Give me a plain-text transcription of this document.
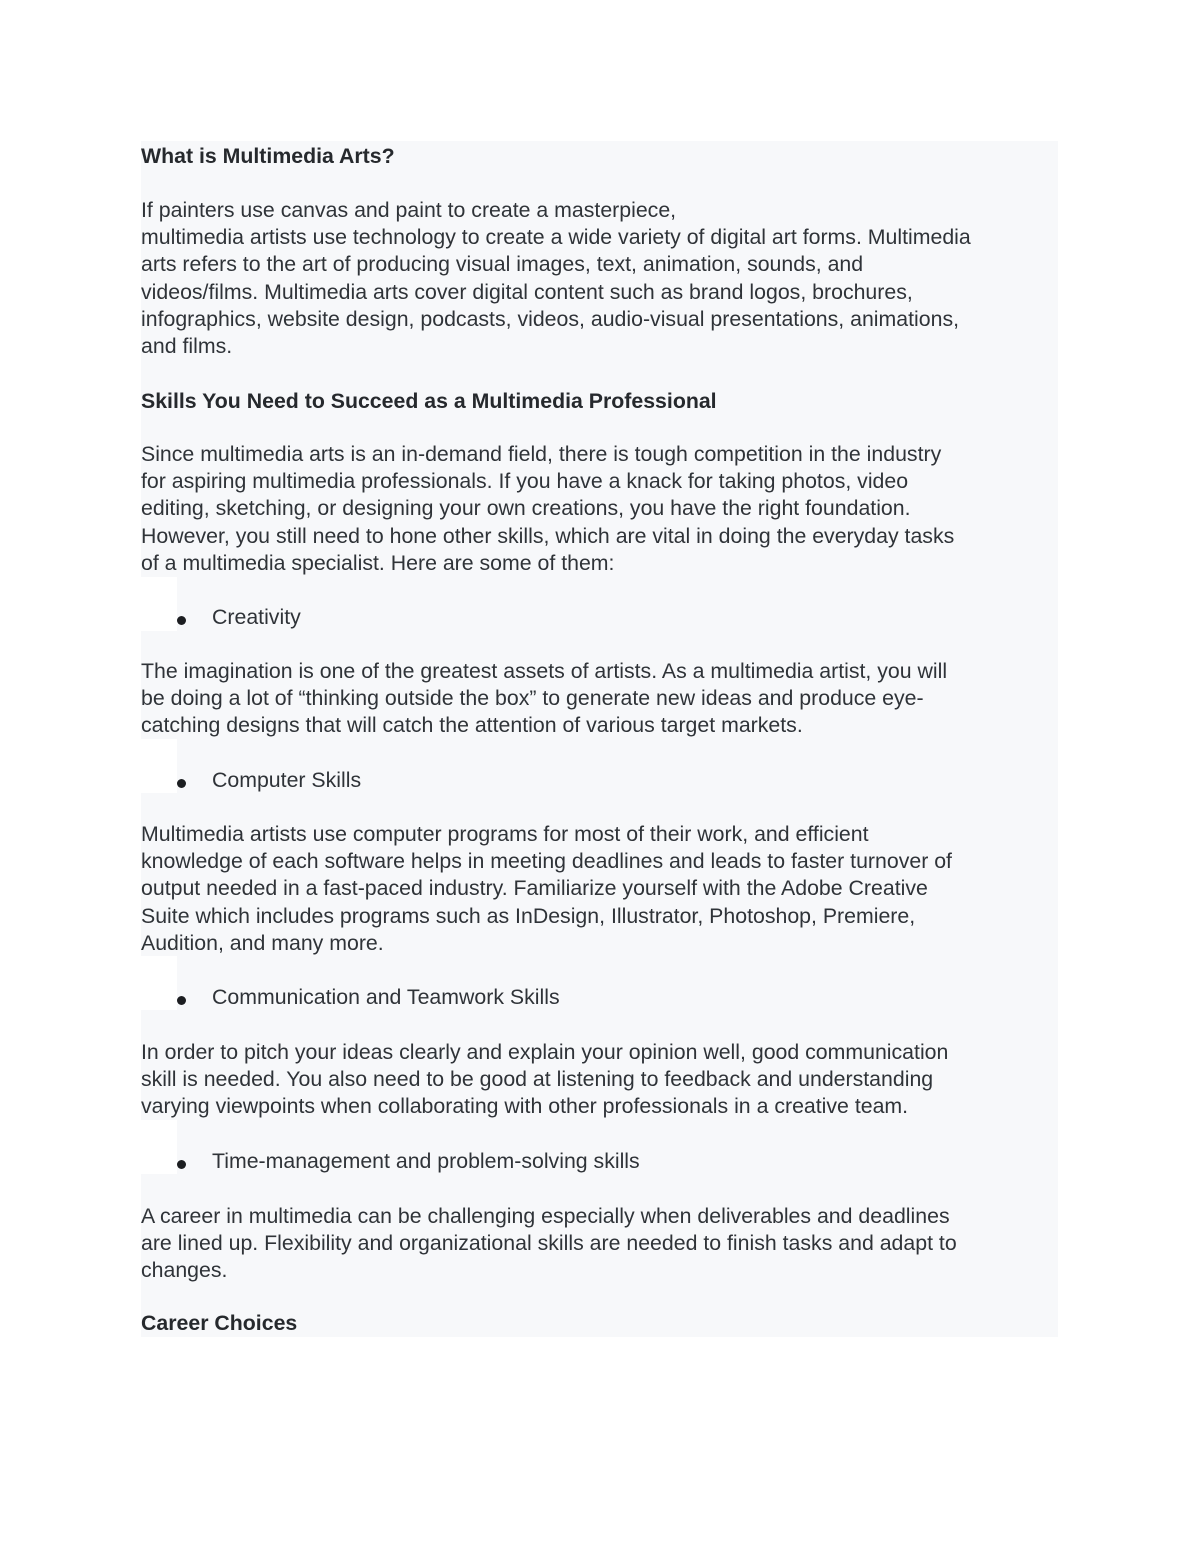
What is Multimedia Arts?

If painters use canvas and paint to create a masterpiece,
multimedia artists use technology to create a wide variety of digital art forms. Multimedia
arts refers to the art of producing visual images, text, animation, sounds, and
videos/films. Multimedia arts cover digital content such as brand logos, brochures,
infographics, website design, podcasts, videos, audio-visual presentations, animations,
and films.

Skills You Need to Succeed as a Multimedia Professional

Since multimedia arts is an in-demand field, there is tough competition in the industry
for aspiring multimedia professionals. If you have a knack for taking photos, video
editing, sketching, or designing your own creations, you have the right foundation.
However, you still need to hone other skills, which are vital in doing the everyday tasks
of a multimedia specialist. Here are some of them:
Creativity
The imagination is one of the greatest assets of artists. As a multimedia artist, you will
be doing a lot of “thinking outside the box” to generate new ideas and produce eye-
catching designs that will catch the attention of various target markets.
Computer Skills
Multimedia artists use computer programs for most of their work, and efficient
knowledge of each software helps in meeting deadlines and leads to faster turnover of
output needed in a fast-paced industry. Familiarize yourself with the Adobe Creative
Suite which includes programs such as InDesign, Illustrator, Photoshop, Premiere,
Audition, and many more.
Communication and Teamwork Skills
In order to pitch your ideas clearly and explain your opinion well, good communication
skill is needed. You also need to be good at listening to feedback and understanding
varying viewpoints when collaborating with other professionals in a creative team.
Time-management and problem-solving skills
A career in multimedia can be challenging especially when deliverables and deadlines
are lined up. Flexibility and organizational skills are needed to finish tasks and adapt to
changes.

Career Choices
